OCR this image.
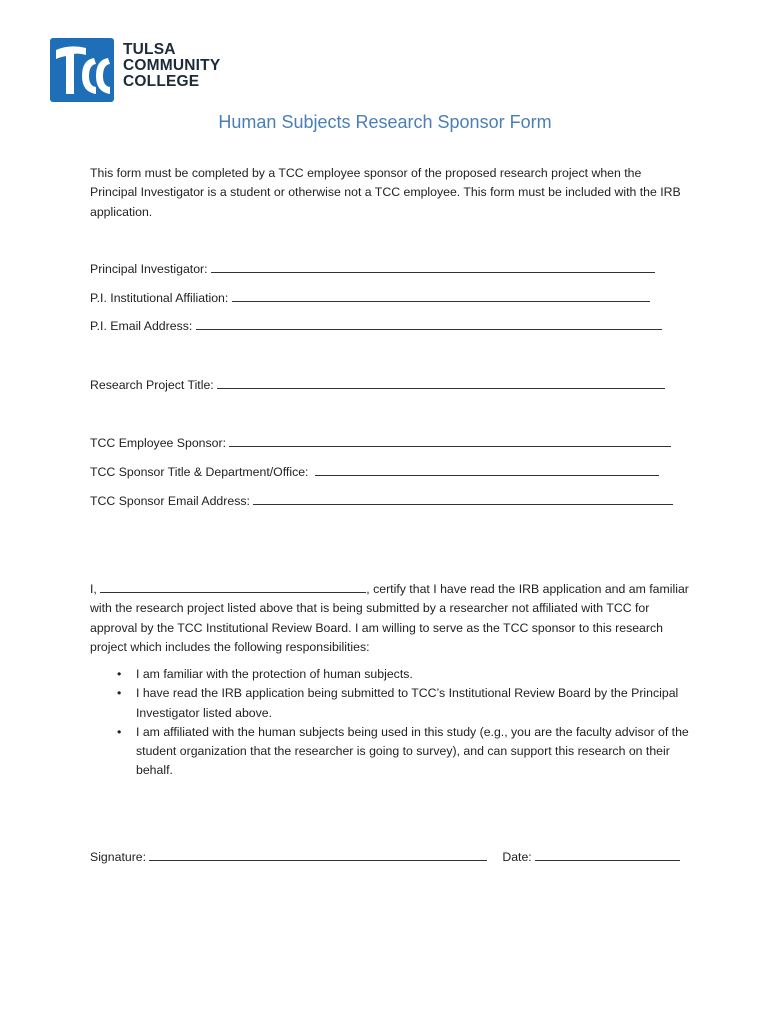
TULSA
COMMUNITY
COLLEGE
Human Subjects Research Sponsor Form
This form must be completed by a TCC employee sponsor of the proposed research project when the Principal Investigator is a student or otherwise not a TCC employee. This form must be included with the IRB application.
Principal Investigator:
P.I. Institutional Affiliation:
P.I. Email Address:
Research Project Title:
TCC Employee Sponsor:
TCC Sponsor Title & Department/Office:
TCC Sponsor Email Address:
I,	, certify that I have read the IRB application and am familiar with the research project listed above that is being submitted by a researcher not affiliated with TCC for approval by the TCC Institutional Review Board. I am willing to serve as the TCC sponsor to this research project which includes the following responsibilities:
• I am familiar with the protection of human subjects.
• I have read the IRB application being submitted to TCC’s Institutional Review Board by the Principal Investigator listed above.
• I am affiliated with the human subjects being used in this study (e.g., you are the faculty advisor of the student organization that the researcher is going to survey), and can support this research on their behalf.
Signature:	Date:
